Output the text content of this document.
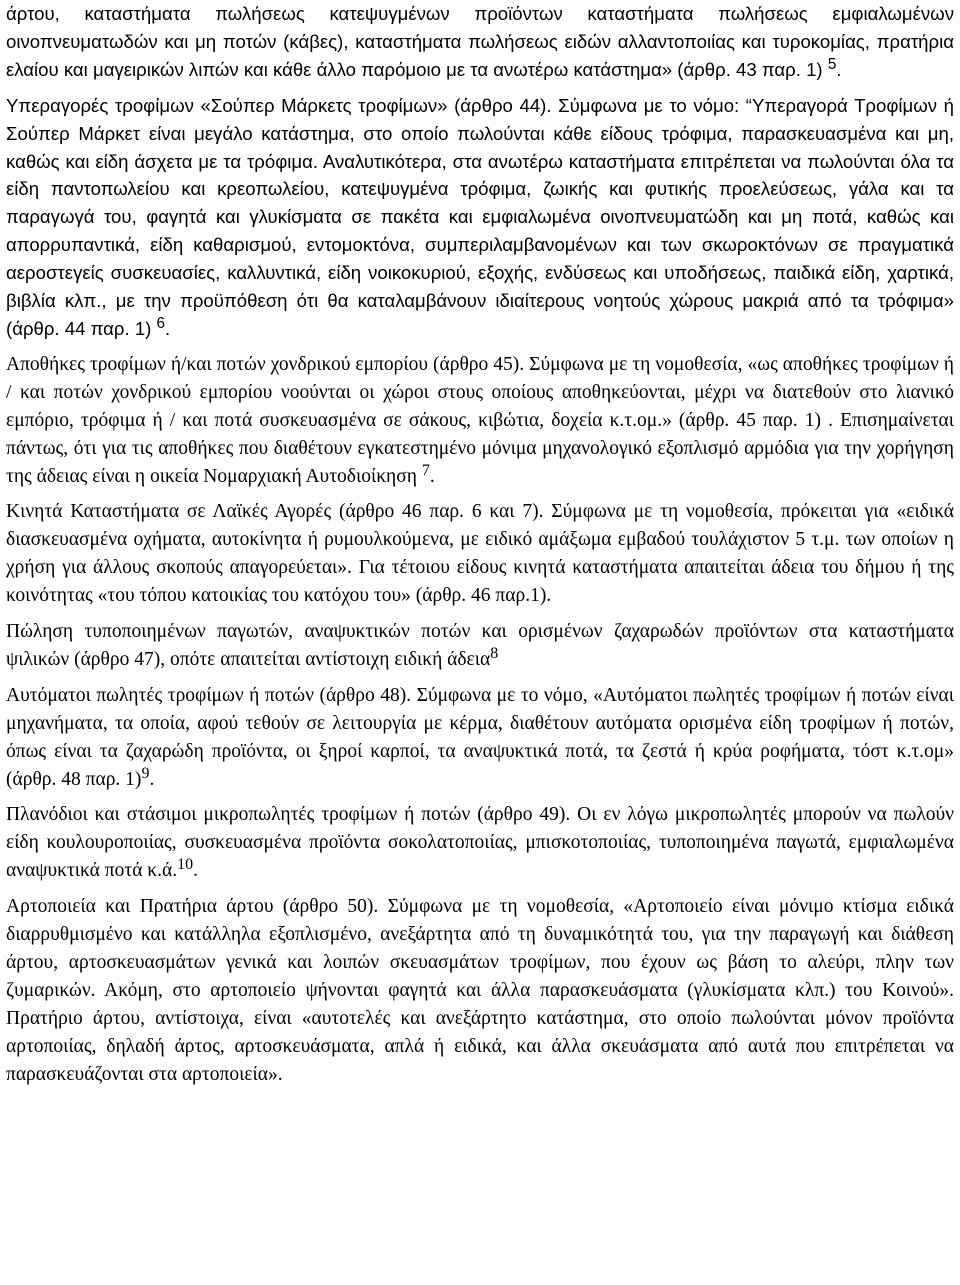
άρτου, καταστήματα πωλήσεως κατεψυγμένων προϊόντων καταστήματα πωλήσεως εμφιαλωμένων οινοπνευματωδών και μη ποτών (κάβες), καταστήματα πωλήσεως ειδών αλλαντοποιίας και τυροκομίας, πρατήρια ελαίου και μαγειρικών λιπών και κάθε άλλο παρόμοιο με τα ανωτέρω κατάστημα» (άρθρ. 43 παρ. 1) $^5$.

Υπεραγορές τροφίμων «Σούπερ Μάρκετς τροφίμων» (άρθρο 44). Σύμφωνα με το νόμο: “Υπεραγορά Τροφίμων ή Σούπερ Μάρκετ είναι μεγάλο κατάστημα, στο οποίο πωλούνται κάθε είδους τρόφιμα, παρασκευασμένα και μη, καθώς και είδη άσχετα με τα τρόφιμα. Αναλυτικότερα, στα ανωτέρω καταστήματα επιτρέπεται να πωλούνται όλα τα είδη παντοπωλείου και κρεοπωλείου, κατεψυγμένα τρόφιμα, ζωικής και φυτικής προελεύσεως, γάλα και τα παραγωγά του, φαγητά και γλυκίσματα σε πακέτα και εμφιαλωμένα οινοπνευματώδη και μη ποτά, καθώς και απορρυπαντικά, είδη καθαρισμού, εντομοκτόνα, συμπεριλαμβανομένων και των σκωροκτόνων σε πραγματικά αεροστεγείς συσκευασίες, καλλυντικά, είδη νοικοκυριού, εξοχής, ενδύσεως και υποδήσεως, παιδικά είδη, χαρτικά, βιβλία κλπ., με την προϋπόθεση ότι θα καταλαμβάνουν ιδιαίτερους νοητούς χώρους μακριά από τα τρόφιμα» (άρθρ. 44 παρ. 1) $^6$.

Αποθήκες τροφίμων ή/και ποτών χονδρικού εμπορίου (άρθρο 45). Σύμφωνα με τη νομοθεσία, «ως αποθήκες τροφίμων ή / και ποτών χονδρικού εμπορίου νοούνται οι χώροι στους οποίους αποθηκεύονται, μέχρι να διατεθούν στο λιανικό εμπόριο, τρόφιμα ή / και ποτά συσκευασμένα σε σάκους, κιβώτια, δοχεία κ.τ.ομ.» (άρθρ. 45 παρ. 1) . Επισημαίνεται πάντως, ότι για τις αποθήκες που διαθέτουν εγκατεστημένο μόνιμα μηχανολογικό εξοπλισμό αρμόδια για την χορήγηση της άδειας είναι η οικεία Νομαρχιακή Αυτοδιοίκηση $^7$.

Κινητά Καταστήματα σε Λαϊκές Αγορές (άρθρο 46 παρ. 6 και 7). Σύμφωνα με τη νομοθεσία, πρόκειται για «ειδικά διασκευασμένα οχήματα, αυτοκίνητα ή ρυμουλκούμενα, με ειδικό αμάξωμα εμβαδού τουλάχιστον 5 τ.μ. των οποίων η χρήση για άλλους σκοπούς απαγορεύεται». Για τέτοιου είδους κινητά καταστήματα απαιτείται άδεια του δήμου ή της κοινότητας «του τόπου κατοικίας του κατόχου του» (άρθρ. 46 παρ.1).

Πώληση τυποποιημένων παγωτών, αναψυκτικών ποτών και ορισμένων ζαχαρωδών προϊόντων στα καταστήματα ψιλικών (άρθρο 47), οπότε απαιτείται αντίστοιχη ειδική άδεια$^8$

Αυτόματοι πωλητές τροφίμων ή ποτών (άρθρο 48). Σύμφωνα με το νόμο, «Αυτόματοι πωλητές τροφίμων ή ποτών είναι μηχανήματα, τα οποία, αφού τεθούν σε λειτουργία με κέρμα, διαθέτουν αυτόματα ορισμένα είδη τροφίμων ή ποτών, όπως είναι τα ζαχαρώδη προϊόντα, οι ξηροί καρποί, τα αναψυκτικά ποτά, τα ζεστά ή κρύα ροφήματα, τόστ κ.τ.ομ» (άρθρ. 48 παρ. 1)$^9$.

Πλανόδιοι και στάσιμοι μικροπωλητές τροφίμων ή ποτών (άρθρο 49). Οι εν λόγω μικροπωλητές μπορούν να πωλούν είδη κουλουροποιίας, συσκευασμένα προϊόντα σοκολατοποιίας, μπισκοτοποιίας, τυποποιημένα παγωτά, εμφιαλωμένα αναψυκτικά ποτά κ.ά.$^{10}$.

Αρτοποιεία και Πρατήρια άρτου (άρθρο 50). Σύμφωνα με τη νομοθεσία, «Αρτοποιείο είναι μόνιμο κτίσμα ειδικά διαρρυθμισμένο και κατάλληλα εξοπλισμένο, ανεξάρτητα από τη δυναμικότητά του, για την παραγωγή και διάθεση άρτου, αρτοσκευασμάτων γενικά και λοιπών σκευασμάτων τροφίμων, που έχουν ως βάση το αλεύρι, πλην των ζυμαρικών. Ακόμη, στο αρτοποιείο ψήνονται φαγητά και άλλα παρασκευάσματα (γλυκίσματα κλπ.) του Κοινού». Πρατήριο άρτου, αντίστοιχα, είναι «αυτοτελές και ανεξάρτητο κατάστημα, στο οποίο πωλούνται μόνον προϊόντα αρτοποιίας, δηλαδή άρτος, αρτοσκευάσματα, απλά ή ειδικά, και άλλα σκευάσματα από αυτά που επιτρέπεται να παρασκευάζονται στα αρτοποιεία».
